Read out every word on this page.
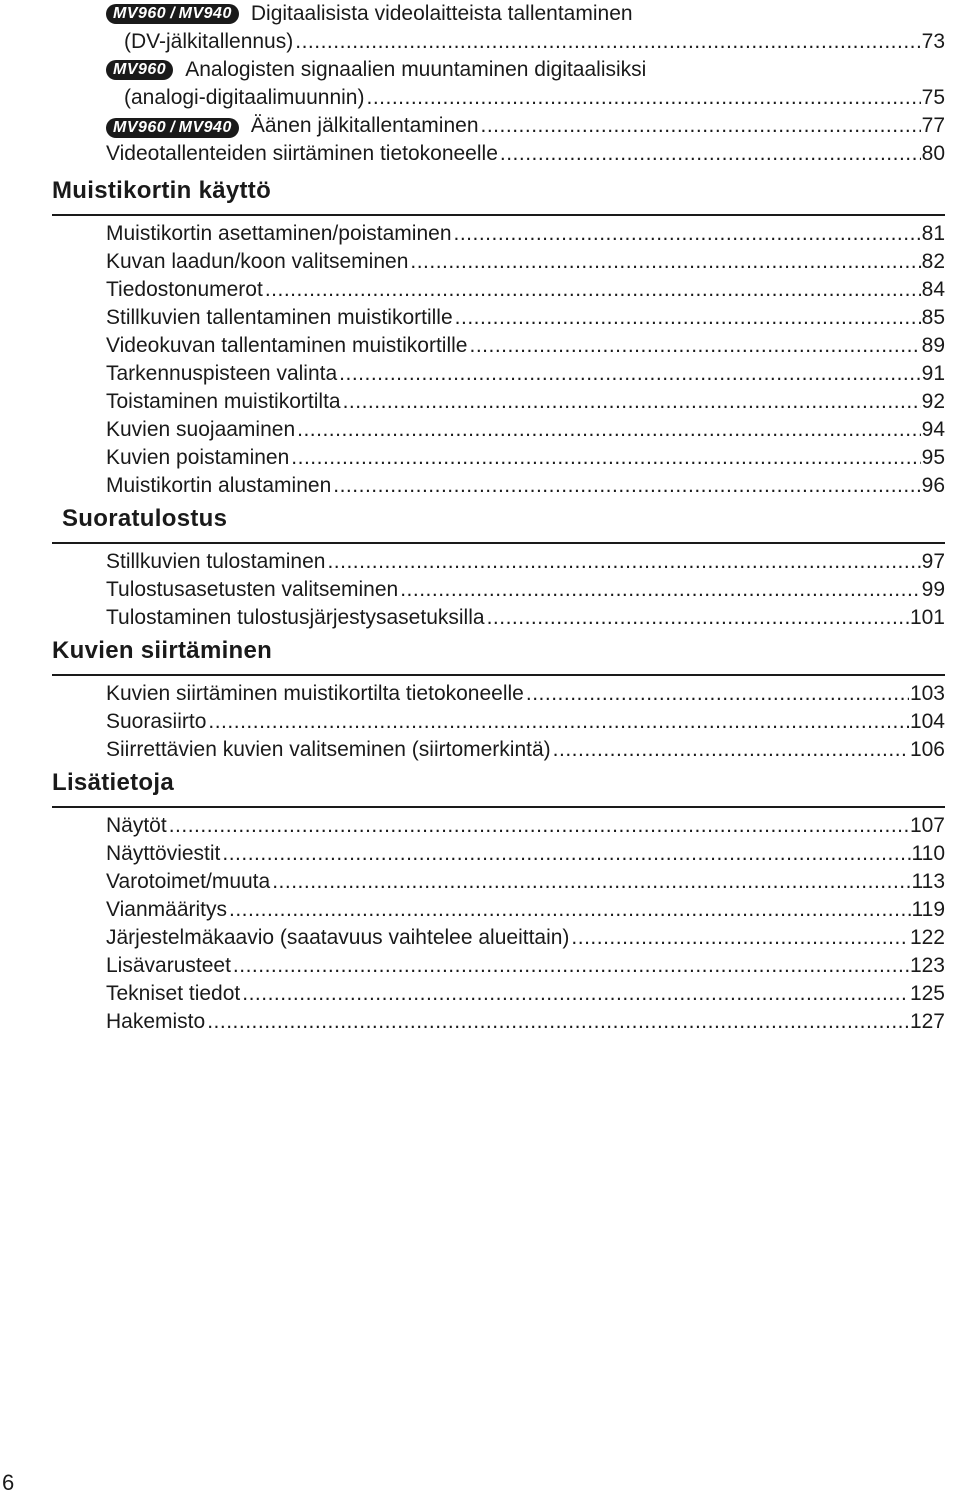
MV960 / MV940 Digitaalisista videolaitteista tallentaminen
(DV-jälkitallennus) .....	73
MV960 Analogisten signaalien muuntaminen digitaalisiksi
(analogi-digitaalimuunnin) .....	75
MV960 / MV940 Äänen jälkitallentaminen .....	77
Videotallenteiden siirtäminen tietokoneelle .....	80
Muistikortin käyttö
Muistikortin asettaminen/poistaminen .....	81
Kuvan laadun/koon valitseminen .....	82
Tiedostonumerot .....	84
Stillkuvien tallentaminen muistikortille .....	85
Videokuvan tallentaminen muistikortille .....	89
Tarkennuspisteen valinta .....	91
Toistaminen muistikortilta .....	92
Kuvien suojaaminen .....	94
Kuvien poistaminen .....	95
Muistikortin alustaminen .....	96
Suoratulostus
Stillkuvien tulostaminen .....	97
Tulostusasetusten valitseminen .....	99
Tulostaminen tulostusjärjestysasetuksilla .....	101
Kuvien siirtäminen
Kuvien siirtäminen muistikortilta tietokoneelle .....	103
Suorasiirto .....	104
Siirrettävien kuvien valitseminen (siirtomerkintä) .....	106
Lisätietoja
Näytöt .....	107
Näyttöviestit .....	110
Varotoimet/muuta .....	113
Vianmääritys .....	119
Järjestelmäkaavio (saatavuus vaihtelee alueittain) .....	122
Lisävarusteet .....	123
Tekniset tiedot .....	125
Hakemisto .....	127
6
